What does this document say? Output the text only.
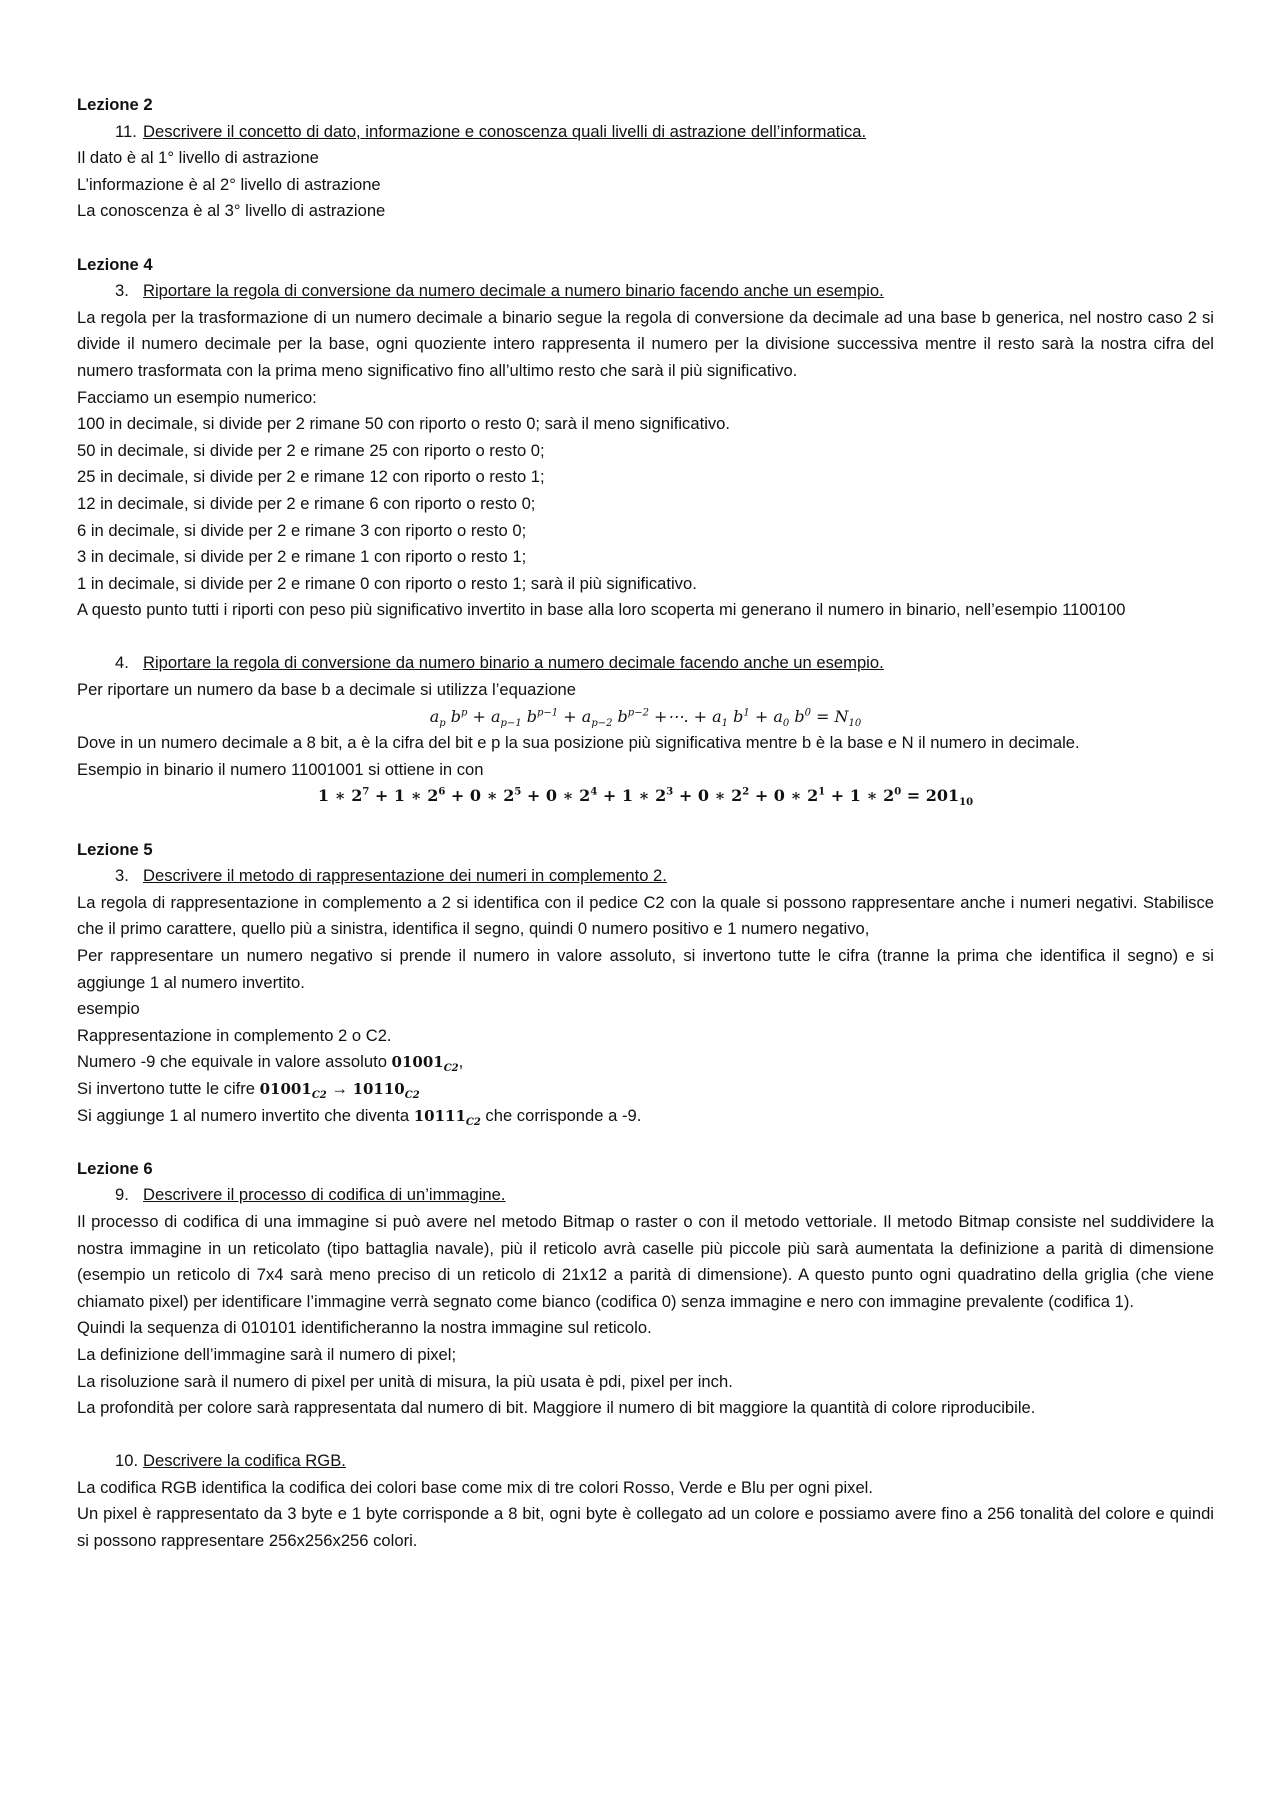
Lezione 2

11. Descrivere il concetto di dato, informazione e conoscenza quali livelli di astrazione dell’informatica.

Il dato è al 1° livello di astrazione

L’informazione è al 2° livello di astrazione

La conoscenza è al 3° livello di astrazione

Lezione 4

3. Riportare la regola di conversione da numero decimale a numero binario facendo anche un esempio.

La regola per la trasformazione di un numero decimale a binario segue la regola di conversione da decimale ad una base b generica, nel nostro caso 2 si divide il numero decimale per la base, ogni quoziente intero rappresenta il numero per la divisione successiva mentre il resto sarà la nostra cifra del numero trasformata con la prima meno significativo fino all’ultimo resto che sarà il più significativo.

Facciamo un esempio numerico:

100 in decimale, si divide per 2 rimane 50 con riporto o resto 0; sarà il meno significativo.

50 in decimale, si divide per 2 e rimane 25 con riporto o resto 0;

25 in decimale, si divide per 2 e rimane 12 con riporto o resto 1;

12 in decimale, si divide per 2 e rimane 6 con riporto o resto 0;

6 in decimale, si divide per 2 e rimane 3 con riporto o resto 0;

3 in decimale, si divide per 2 e rimane 1 con riporto o resto 1;

1 in decimale, si divide per 2 e rimane 0 con riporto o resto 1; sarà il più significativo.

A questo punto tutti i riporti con peso più significativo invertito in base alla loro scoperta mi generano il numero in binario, nell’esempio 1100100

4. Riportare la regola di conversione da numero binario a numero decimale facendo anche un esempio.

Per riportare un numero da base b a decimale si utilizza l’equazione

$a_p$ $b^p + a_{p-1}$ $b^{p-1} + a_{p-2}$ $b^{p-2}$ +⋯. + $a_1$ $b^1 + a_0$ $b^0 = N_{10}$

Dove in un numero decimale a 8 bit, a è la cifra del bit e p la sua posizione più significativa mentre b è la base e N il numero in decimale.

Esempio in binario il numero 11001001 si ottiene in con

1 ∗ $2^7 + 1$ ∗ $2^6 + 0$ ∗ $2^5 + 0$ ∗ $2^4 + 1$ ∗ $2^3 + 0$ ∗ $2^2 + 0$ ∗ $2^1 + 1$ ∗ $2^0 = 201_{10}$

Lezione 5

3. Descrivere il metodo di rappresentazione dei numeri in complemento 2.

La regola di rappresentazione in complemento a 2 si identifica con il pedice C2 con la quale si possono rappresentare anche i numeri negativi. Stabilisce che il primo carattere, quello più a sinistra, identifica il segno, quindi 0 numero positivo e 1 numero negativo,

Per rappresentare un numero negativo si prende il numero in valore assoluto, si invertono tutte le cifra (tranne la prima che identifica il segno) e si aggiunge 1 al numero invertito.

esempio

Rappresentazione in complemento 2 o C2.

Numero -9 che equivale in valore assoluto $01001_{C2}$,

Si invertono tutte le cifre $01001_{C2} \to 10110_{C2}$

Si aggiunge 1 al numero invertito che diventa $10111_{C2}$ che corrisponde a -9.

Lezione 6

9. Descrivere il processo di codifica di un’immagine.

Il processo di codifica di una immagine si può avere nel metodo Bitmap o raster o con il metodo vettoriale. Il metodo Bitmap consiste nel suddividere la nostra immagine in un reticolato (tipo battaglia navale), più il reticolo avrà caselle più piccole più sarà aumentata la definizione a parità di dimensione (esempio un reticolo di 7x4 sarà meno preciso di un reticolo di 21x12 a parità di dimensione). A questo punto ogni quadratino della griglia (che viene chiamato pixel) per identificare l’immagine verrà segnato come bianco (codifica 0) senza immagine e nero con immagine prevalente (codifica 1).

Quindi la sequenza di 010101 identificheranno la nostra immagine sul reticolo.

La definizione dell’immagine sarà il numero di pixel;

La risoluzione sarà il numero di pixel per unità di misura, la più usata è pdi, pixel per inch.

La profondità per colore sarà rappresentata dal numero di bit. Maggiore il numero di bit maggiore la quantità di colore riproducibile.

10. Descrivere la codifica RGB.

La codifica RGB identifica la codifica dei colori base come mix di tre colori Rosso, Verde e Blu per ogni pixel.

Un pixel è rappresentato da 3 byte e 1 byte corrisponde a 8 bit, ogni byte è collegato ad un colore e possiamo avere fino a 256 tonalità del colore e quindi si possono rappresentare 256x256x256 colori.
